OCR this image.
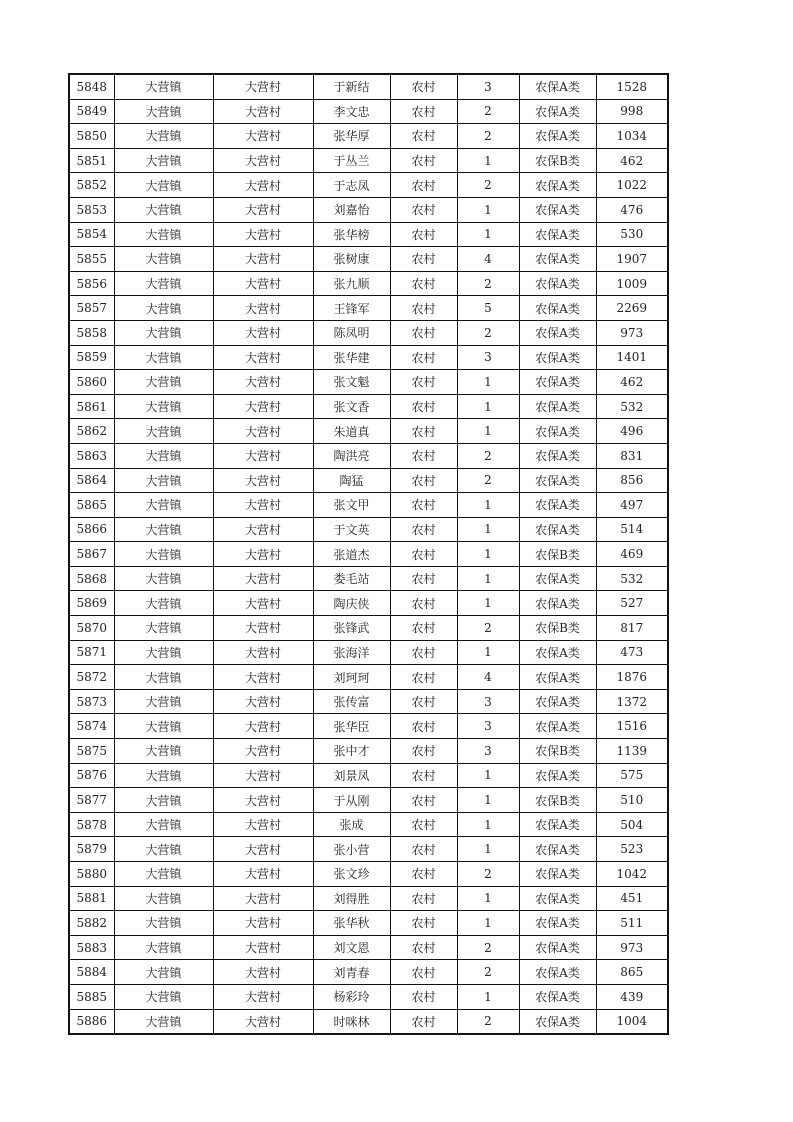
5848	大营镇	大营村	于新结	农村	3	农保A类	1528
5849	大营镇	大营村	李文忠	农村	2	农保A类	998
5850	大营镇	大营村	张华厚	农村	2	农保A类	1034
5851	大营镇	大营村	于丛兰	农村	1	农保B类	462
5852	大营镇	大营村	于志凤	农村	2	农保A类	1022
5853	大营镇	大营村	刘嘉怡	农村	1	农保A类	476
5854	大营镇	大营村	张华榜	农村	1	农保A类	530
5855	大营镇	大营村	张树康	农村	4	农保A类	1907
5856	大营镇	大营村	张九顺	农村	2	农保A类	1009
5857	大营镇	大营村	王锋军	农村	5	农保A类	2269
5858	大营镇	大营村	陈凤明	农村	2	农保A类	973
5859	大营镇	大营村	张华建	农村	3	农保A类	1401
5860	大营镇	大营村	张文魁	农村	1	农保A类	462
5861	大营镇	大营村	张文香	农村	1	农保A类	532
5862	大营镇	大营村	朱道真	农村	1	农保A类	496
5863	大营镇	大营村	陶洪亮	农村	2	农保A类	831
5864	大营镇	大营村	陶猛	农村	2	农保A类	856
5865	大营镇	大营村	张文甲	农村	1	农保A类	497
5866	大营镇	大营村	于文英	农村	1	农保A类	514
5867	大营镇	大营村	张道杰	农村	1	农保B类	469
5868	大营镇	大营村	娄毛站	农村	1	农保A类	532
5869	大营镇	大营村	陶庆侠	农村	1	农保A类	527
5870	大营镇	大营村	张锋武	农村	2	农保B类	817
5871	大营镇	大营村	张海洋	农村	1	农保A类	473
5872	大营镇	大营村	刘珂珂	农村	4	农保A类	1876
5873	大营镇	大营村	张传富	农村	3	农保A类	1372
5874	大营镇	大营村	张华臣	农村	3	农保A类	1516
5875	大营镇	大营村	张中才	农村	3	农保B类	1139
5876	大营镇	大营村	刘景凤	农村	1	农保A类	575
5877	大营镇	大营村	于从刚	农村	1	农保B类	510
5878	大营镇	大营村	张成	农村	1	农保A类	504
5879	大营镇	大营村	张小营	农村	1	农保A类	523
5880	大营镇	大营村	张文珍	农村	2	农保A类	1042
5881	大营镇	大营村	刘得胜	农村	1	农保A类	451
5882	大营镇	大营村	张华秋	农村	1	农保A类	511
5883	大营镇	大营村	刘文恩	农村	2	农保A类	973
5884	大营镇	大营村	刘青春	农村	2	农保A类	865
5885	大营镇	大营村	杨彩玲	农村	1	农保A类	439
5886	大营镇	大营村	时咪林	农村	2	农保A类	1004
